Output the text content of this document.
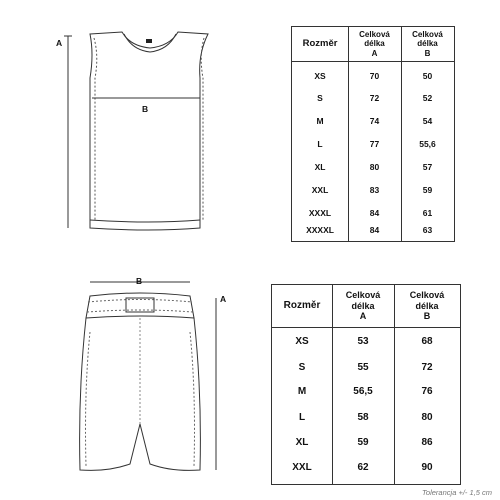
A
B
Rozměr
Celková
délka
A
Celková
délka
B
XS	70	50
S	72	52
M	74	54
L	77	55,6
XL	80	57
XXL	83	59
XXXL	84	61
XXXXL	84	63
B
A
Rozměr
Celková
délka
A
Celková
délka
B
XS	53	68
S	55	72
M	56,5	76
L	58	80
XL	59	86
XXL	62	90
Tolerancja +/- 1,5 cm
